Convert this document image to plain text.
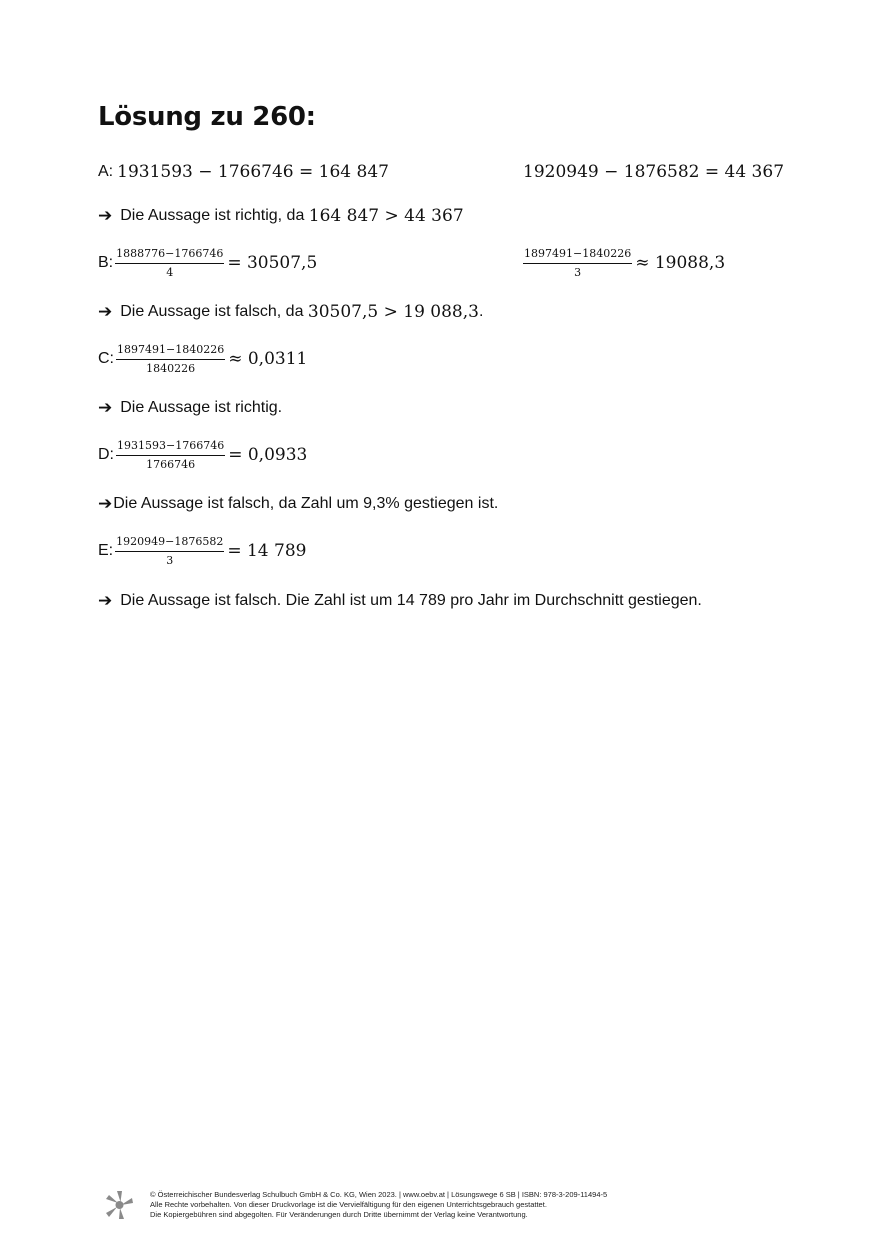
Lösung zu 260:
A: 1931593 − 1766746 = 164 847	1920949 − 1876582 = 44 367
➔ Die Aussage ist richtig, da 164 847 > 44 367
B: $\frac{1888776-1766746}{4} = 30507,5$	$\frac{1897491-1840226}{3} \approx 19088,3$
➔ Die Aussage ist falsch, da 30507,5 > 19 088,3 .
C: $\frac{1897491-1840226}{1840226} \approx 0,0311$
➔ Die Aussage ist richtig.
D: $\frac{1931593-1766746}{1766746} = 0,0933$
➔ Die Aussage ist falsch, da Zahl um 9,3% gestiegen ist.
E: $\frac{1920949-1876582}{3} = 14$ 789
➔ Die Aussage ist falsch. Die Zahl ist um 14 789 pro Jahr im Durchschnitt gestiegen.
© Österreichischer Bundesverlag Schulbuch GmbH & Co. KG, Wien 2023. | www.oebv.at | Lösungswege 6 SB | ISBN: 978-3-209-11494-5
Alle Rechte vorbehalten. Von dieser Druckvorlage ist die Vervielfältigung für den eigenen Unterrichtsgebrauch gestattet.
Die Kopiergebühren sind abgegolten. Für Veränderungen durch Dritte übernimmt der Verlag keine Verantwortung.
